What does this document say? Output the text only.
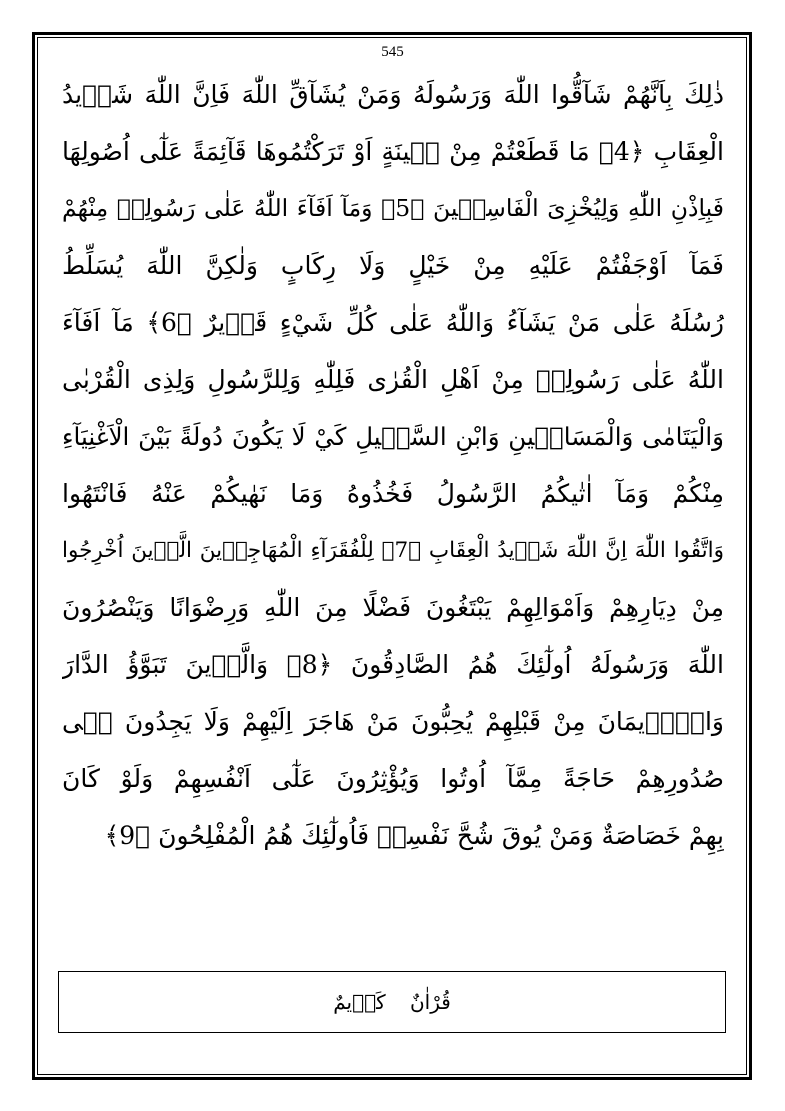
545
ذٰلِكَ بِاَنَّهُمْ شَآقُّوا اللّٰهَ وَرَسُولَهُ وَمَنْ يُشَآقِّ اللّٰهَ فَاِنَّ اللّٰهَ شَدٖيدُ
الْعِقَابِ ﴿4﴾ مَا قَطَعْتُمْ مِنْ لٖينَةٍ اَوْ تَرَكْتُمُوهَا قَآئِمَةً عَلٰٓى اُصُولِهَا
فَبِاِذْنِ اللّٰهِ وَلِيُخْزِىَ الْفَاسِقٖينَ ﴿5﴾ وَمَآ اَفَآءَ اللّٰهُ عَلٰى رَسُولِهٖ مِنْهُمْ
فَمَآ اَوْجَفْتُمْ عَلَيْهِ مِنْ خَيْلٍ وَلَا رِكَابٍ وَلٰكِنَّ اللّٰهَ يُسَلِّطُ
رُسُلَهُ عَلٰى مَنْ يَشَآءُ وَاللّٰهُ عَلٰى كُلِّ شَيْءٍ قَدٖيرٌ ﴿6﴾ مَآ اَفَآءَ
اللّٰهُ عَلٰى رَسُولِهٖ مِنْ اَهْلِ الْقُرٰى فَلِلّٰهِ وَلِلرَّسُولِ وَلِذِى الْقُرْبٰى
وَالْيَتَامٰى وَالْمَسَاكٖينِ وَابْنِ السَّبٖيلِ كَيْ لَا يَكُونَ دُولَةً بَيْنَ الْاَغْنِيَآءِ
مِنْكُمْ وَمَآ اٰتٰيكُمُ الرَّسُولُ فَخُذُوهُ وَمَا نَهٰيكُمْ عَنْهُ فَانْتَهُوا
وَاتَّقُوا اللّٰهَ اِنَّ اللّٰهَ شَدٖيدُ الْعِقَابِ ﴿7﴾ لِلْفُقَرَآءِ الْمُهَاجِرٖينَ الَّذٖينَ اُخْرِجُوا
مِنْ دِيَارِهِمْ وَاَمْوَالِهِمْ يَبْتَغُونَ فَضْلًا مِنَ اللّٰهِ وَرِضْوَانًا وَيَنْصُرُونَ
اللّٰهَ وَرَسُولَهُ اُولٰٓئِكَ هُمُ الصَّادِقُونَ ﴿8﴾ وَالَّذٖينَ تَبَوَّؤُ الدَّارَ
وَالْاٖيمَانَ مِنْ قَبْلِهِمْ يُحِبُّونَ مَنْ هَاجَرَ اِلَيْهِمْ وَلَا يَجِدُونَ فٖى
صُدُورِهِمْ حَاجَةً مِمَّآ اُوتُوا وَيُؤْثِرُونَ عَلٰٓى اَنْفُسِهِمْ وَلَوْ كَانَ
بِهِمْ خَصَاصَةٌ وَمَنْ يُوقَ شُحَّ نَفْسِهٖ فَاُولٰٓئِكَ هُمُ الْمُفْلِحُونَ ﴿9﴾
قُرْاٰنٌ كَرٖيمٌ
